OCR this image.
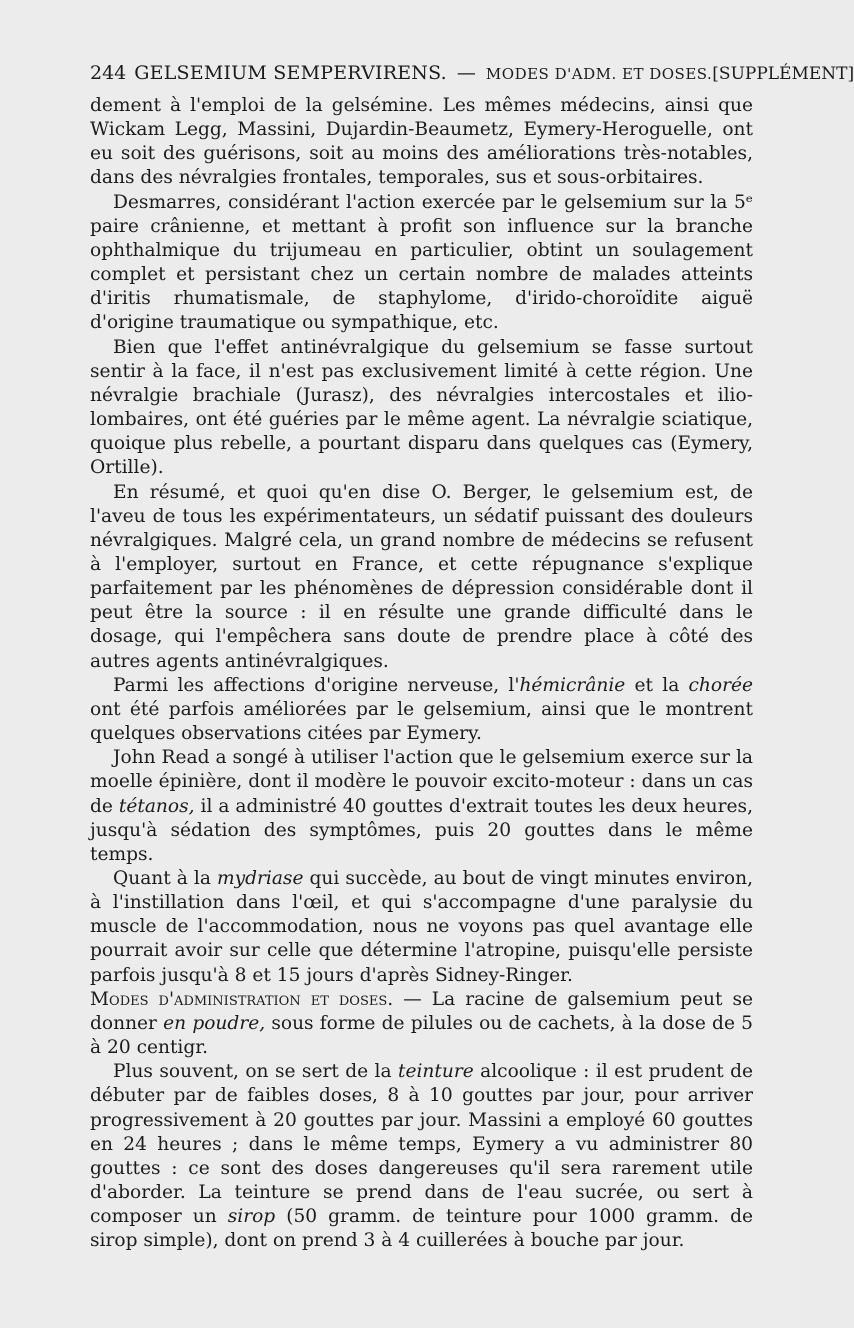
244 GELSEMIUM SEMPERVIRENS. — MODES D'ADM. ET DOSES. [SUPPLÉMENT]

dement à l'emploi de la gelsémine. Les mêmes médecins, ainsi que Wickam Legg, Massini, Dujardin-Beaumetz, Eymery-Heroguelle, ont eu soit des guérisons, soit au moins des améliorations très-notables, dans des névralgies frontales, temporales, sus et sous-orbitaires.

Desmarres, considérant l'action exercée par le gelsemium sur la 5ᵉ paire crânienne, et mettant à profit son influence sur la branche ophthalmique du trijumeau en particulier, obtint un soulagement complet et persistant chez un certain nombre de malades atteints d'iritis rhumatismale, de staphylome, d'irido-choroïdite aiguë d'origine traumatique ou sympathique, etc.

Bien que l'effet antinévralgique du gelsemium se fasse surtout sentir à la face, il n'est pas exclusivement limité à cette région. Une névralgie brachiale (Jurasz), des névralgies intercostales et ilio-lombaires, ont été guéries par le même agent. La névralgie sciatique, quoique plus rebelle, a pourtant disparu dans quelques cas (Eymery, Ortille).

En résumé, et quoi qu'en dise O. Berger, le gelsemium est, de l'aveu de tous les expérimentateurs, un sédatif puissant des douleurs névralgiques. Malgré cela, un grand nombre de médecins se refusent à l'employer, surtout en France, et cette répugnance s'explique parfaitement par les phénomènes de dépression considérable dont il peut être la source : il en résulte une grande difficulté dans le dosage, qui l'empêchera sans doute de prendre place à côté des autres agents antinévralgiques.

Parmi les affections d'origine nerveuse, l'hémicrânie et la chorée ont été parfois améliorées par le gelsemium, ainsi que le montrent quelques observations citées par Eymery.

John Read a songé à utiliser l'action que le gelsemium exerce sur la moelle épinière, dont il modère le pouvoir excito-moteur : dans un cas de tétanos, il a administré 40 gouttes d'extrait toutes les deux heures, jusqu'à sédation des symptômes, puis 20 gouttes dans le même temps.

Quant à la mydriase qui succède, au bout de vingt minutes environ, à l'instillation dans l'œil, et qui s'accompagne d'une paralysie du muscle de l'accommodation, nous ne voyons pas quel avantage elle pourrait avoir sur celle que détermine l'atropine, puisqu'elle persiste parfois jusqu'à 8 et 15 jours d'après Sidney-Ringer.

Modes d'administration et doses. — La racine de galsemium peut se donner en poudre, sous forme de pilules ou de cachets, à la dose de 5 à 20 centigr.

Plus souvent, on se sert de la teinture alcoolique : il est prudent de débuter par de faibles doses, 8 à 10 gouttes par jour, pour arriver progressivement à 20 gouttes par jour. Massini a employé 60 gouttes en 24 heures ; dans le même temps, Eymery a vu administrer 80 gouttes : ce sont des doses dangereuses qu'il sera rarement utile d'aborder. La teinture se prend dans de l'eau sucrée, ou sert à composer un sirop (50 gramm. de teinture pour 1000 gramm. de sirop simple), dont on prend 3 à 4 cuillerées à bouche par jour.
